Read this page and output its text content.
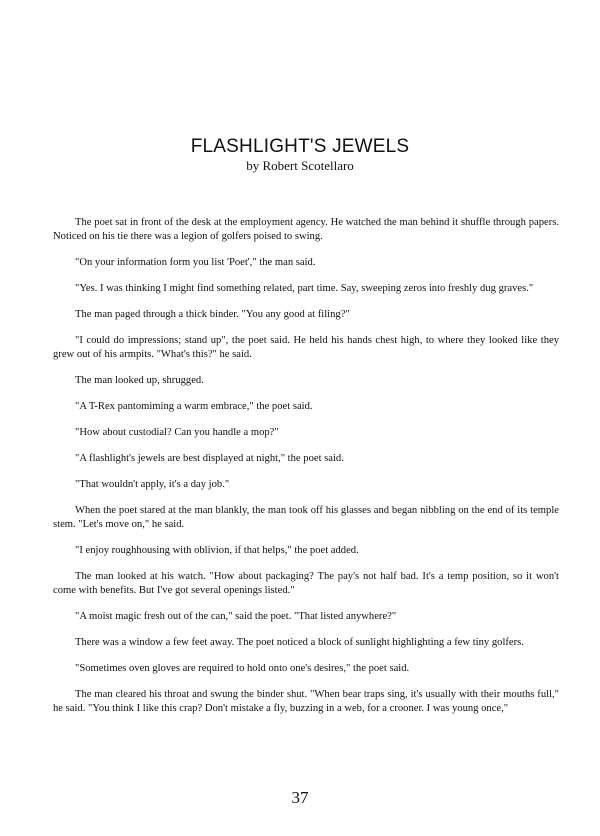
FLASHLIGHT'S JEWELS
by Robert Scotellaro

The poet sat in front of the desk at the employment agency. He watched the man behind it shuffle through papers. Noticed on his tie there was a legion of golfers poised to swing.

"On your information form you list 'Poet'," the man said.

"Yes. I was thinking I might find something related, part time. Say, sweeping zeros into freshly dug graves."

The man paged through a thick binder. "You any good at filing?"

"I could do impressions; stand up", the poet said. He held his hands chest high, to where they looked like they grew out of his armpits. "What's this?" he said.

The man looked up, shrugged.

"A T-Rex pantomiming a warm embrace," the poet said.

"How about custodial? Can you handle a mop?"

"A flashlight's jewels are best displayed at night," the poet said.

"That wouldn't apply, it's a day job."

When the poet stared at the man blankly, the man took off his glasses and began nibbling on the end of its temple stem. "Let's move on," he said.

"I enjoy roughhousing with oblivion, if that helps," the poet added.

The man looked at his watch. "How about packaging? The pay's not half bad. It's a temp position, so it won't come with benefits. But I've got several openings listed."

"A moist magic fresh out of the can," said the poet. "That listed anywhere?"

There was a window a few feet away. The poet noticed a block of sunlight highlighting a few tiny golfers.

"Sometimes oven gloves are required to hold onto one's desires," the poet said.

The man cleared his throat and swung the binder shut. "When bear traps sing, it's usually with their mouths full," he said. "You think I like this crap? Don't mistake a fly, buzzing in a web, for a crooner. I was young once,"

37
